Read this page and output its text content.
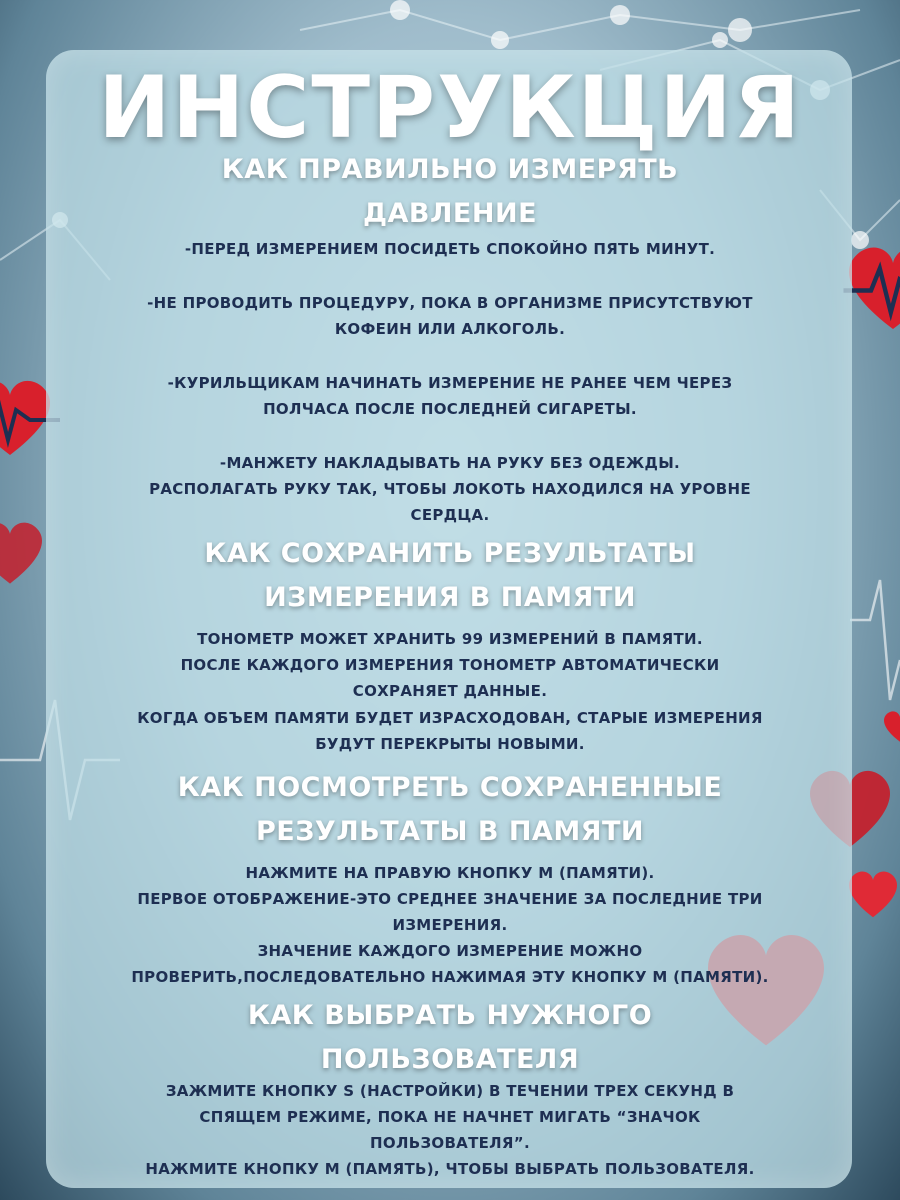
ИНСТРУКЦИЯ
КАК ПРАВИЛЬНО ИЗМЕРЯТЬ
ДАВЛЕНИЕ
-ПЕРЕД ИЗМЕРЕНИЕМ ПОСИДЕТЬ СПОКОЙНО ПЯТЬ МИНУТ.
-НЕ ПРОВОДИТЬ ПРОЦЕДУРУ, ПОКА В ОРГАНИЗМЕ ПРИСУТСТВУЮТ
КОФЕИН ИЛИ АЛКОГОЛЬ.
-КУРИЛЬЩИКАМ НАЧИНАТЬ ИЗМЕРЕНИЕ НЕ РАНЕЕ ЧЕМ ЧЕРЕЗ
ПОЛЧАСА ПОСЛЕ ПОСЛЕДНЕЙ СИГАРЕТЫ.
-МАНЖЕТУ НАКЛАДЫВАТЬ НА РУКУ БЕЗ ОДЕЖДЫ.
РАСПОЛАГАТЬ РУКУ ТАК, ЧТОБЫ ЛОКОТЬ НАХОДИЛСЯ НА УРОВНЕ
СЕРДЦА.
КАК СОХРАНИТЬ РЕЗУЛЬТАТЫ
ИЗМЕРЕНИЯ В ПАМЯТИ
ТОНОМЕТР МОЖЕТ ХРАНИТЬ 99 ИЗМЕРЕНИЙ В ПАМЯТИ.
ПОСЛЕ КАЖДОГО ИЗМЕРЕНИЯ ТОНОМЕТР АВТОМАТИЧЕСКИ
СОХРАНЯЕТ ДАННЫЕ.
КОГДА ОБЪЕМ ПАМЯТИ БУДЕТ ИЗРАСХОДОВАН, СТАРЫЕ ИЗМЕРЕНИЯ
БУДУТ ПЕРЕКРЫТЫ НОВЫМИ.
КАК ПОСМОТРЕТЬ СОХРАНЕННЫЕ
РЕЗУЛЬТАТЫ В ПАМЯТИ
НАЖМИТЕ НА ПРАВУЮ КНОПКУ M (ПАМЯТИ).
ПЕРВОЕ ОТОБРАЖЕНИЕ-ЭТО СРЕДНЕЕ ЗНАЧЕНИЕ ЗА ПОСЛЕДНИЕ ТРИ
ИЗМЕРЕНИЯ.
ЗНАЧЕНИЕ КАЖДОГО ИЗМЕРЕНИЕ МОЖНО
ПРОВЕРИТЬ,ПОСЛЕДОВАТЕЛЬНО НАЖИМАЯ ЭТУ КНОПКУ M (ПАМЯТИ).
КАК ВЫБРАТЬ НУЖНОГО
ПОЛЬЗОВАТЕЛЯ
ЗАЖМИТЕ КНОПКУ S (НАСТРОЙКИ) В ТЕЧЕНИИ ТРЕХ СЕКУНД В
СПЯЩЕМ РЕЖИМЕ, ПОКА НЕ НАЧНЕТ МИГАТЬ “ЗНАЧОК
ПОЛЬЗОВАТЕЛЯ”.
НАЖМИТЕ КНОПКУ M (ПАМЯТЬ), ЧТОБЫ ВЫБРАТЬ ПОЛЬЗОВАТЕЛЯ.
